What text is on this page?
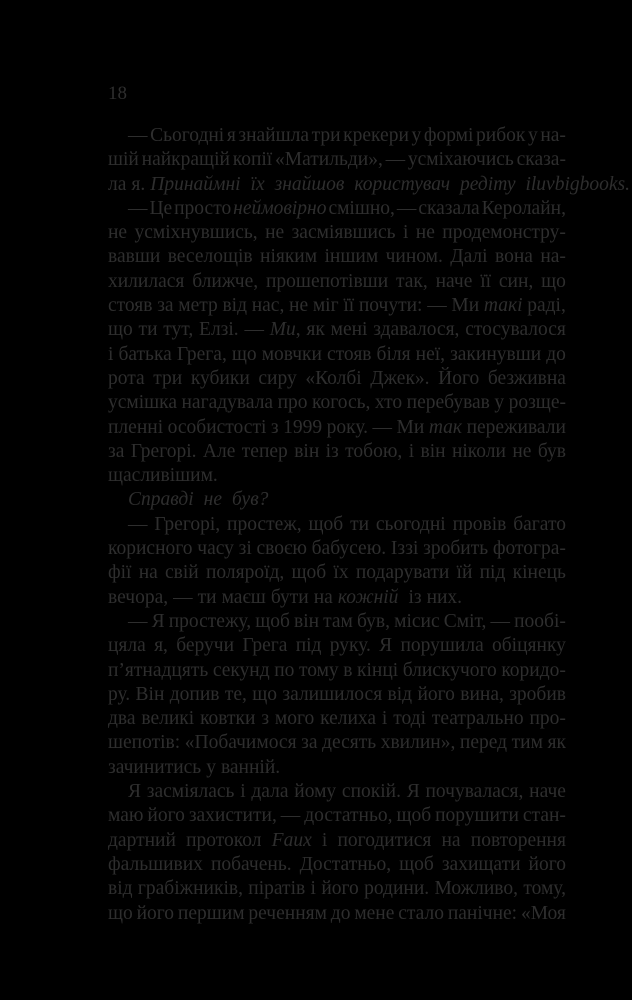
18
— Сьогодні я знайшла три крекери у формі рибок у на-
шій найкращій копії «Матильди», — усміхаючись сказа-
ла я. Принаймні їх знайшов користувач редіту iluvbigbooks.
— Це просто неймовірно смішно, — сказала Керолайн,
не усміхнувшись, не засміявшись і не продемонстру-
вавши веселощів ніяким іншим чином. Далі вона на-
хилилася ближче, прошепотівши так, наче її син, що
стояв за метр від нас, не міг її почути: — Ми такі раді,
що ти тут, Елзі. — Ми, як мені здавалося, стосувалося
і батька Грега, що мовчки стояв біля неї, закинувши до
рота три кубики сиру «Колбі Джек». Його безживна
усмішка нагадувала про когось, хто перебував у розще-
пленні особистості з 1999 року. — Ми так переживали
за Грегорі. Але тепер він із тобою, і він ніколи не був
щасливішим.
Справді не був?
— Грегорі, простеж, щоб ти сьогодні провів багато
корисного часу зі своєю бабусею. Іззі зробить фотогра-
фії на свій поляроїд, щоб їх подарувати їй під кінець
вечора, — ти маєш бути на кожній із них.
— Я простежу, щоб він там був, місис Сміт, — пообі-
цяла я, беручи Грега під руку. Я порушила обіцянку
п’ятнадцять секунд по тому в кінці блискучого коридо-
ру. Він допив те, що залишилося від його вина, зробив
два великі ковтки з мого келиха і тоді театрально про-
шепотів: «Побачимося за десять хвилин», перед тим як
зачинитись у ванній.
Я засміялась і дала йому спокій. Я почувалася, наче
маю його захистити, — достатньо, щоб порушити стан-
дартний протокол Faux і погодитися на повторення
фальшивих побачень. Достатньо, щоб захищати його
від грабіжників, піратів і його родини. Можливо, тому,
що його першим реченням до мене стало панічне: «Моя
